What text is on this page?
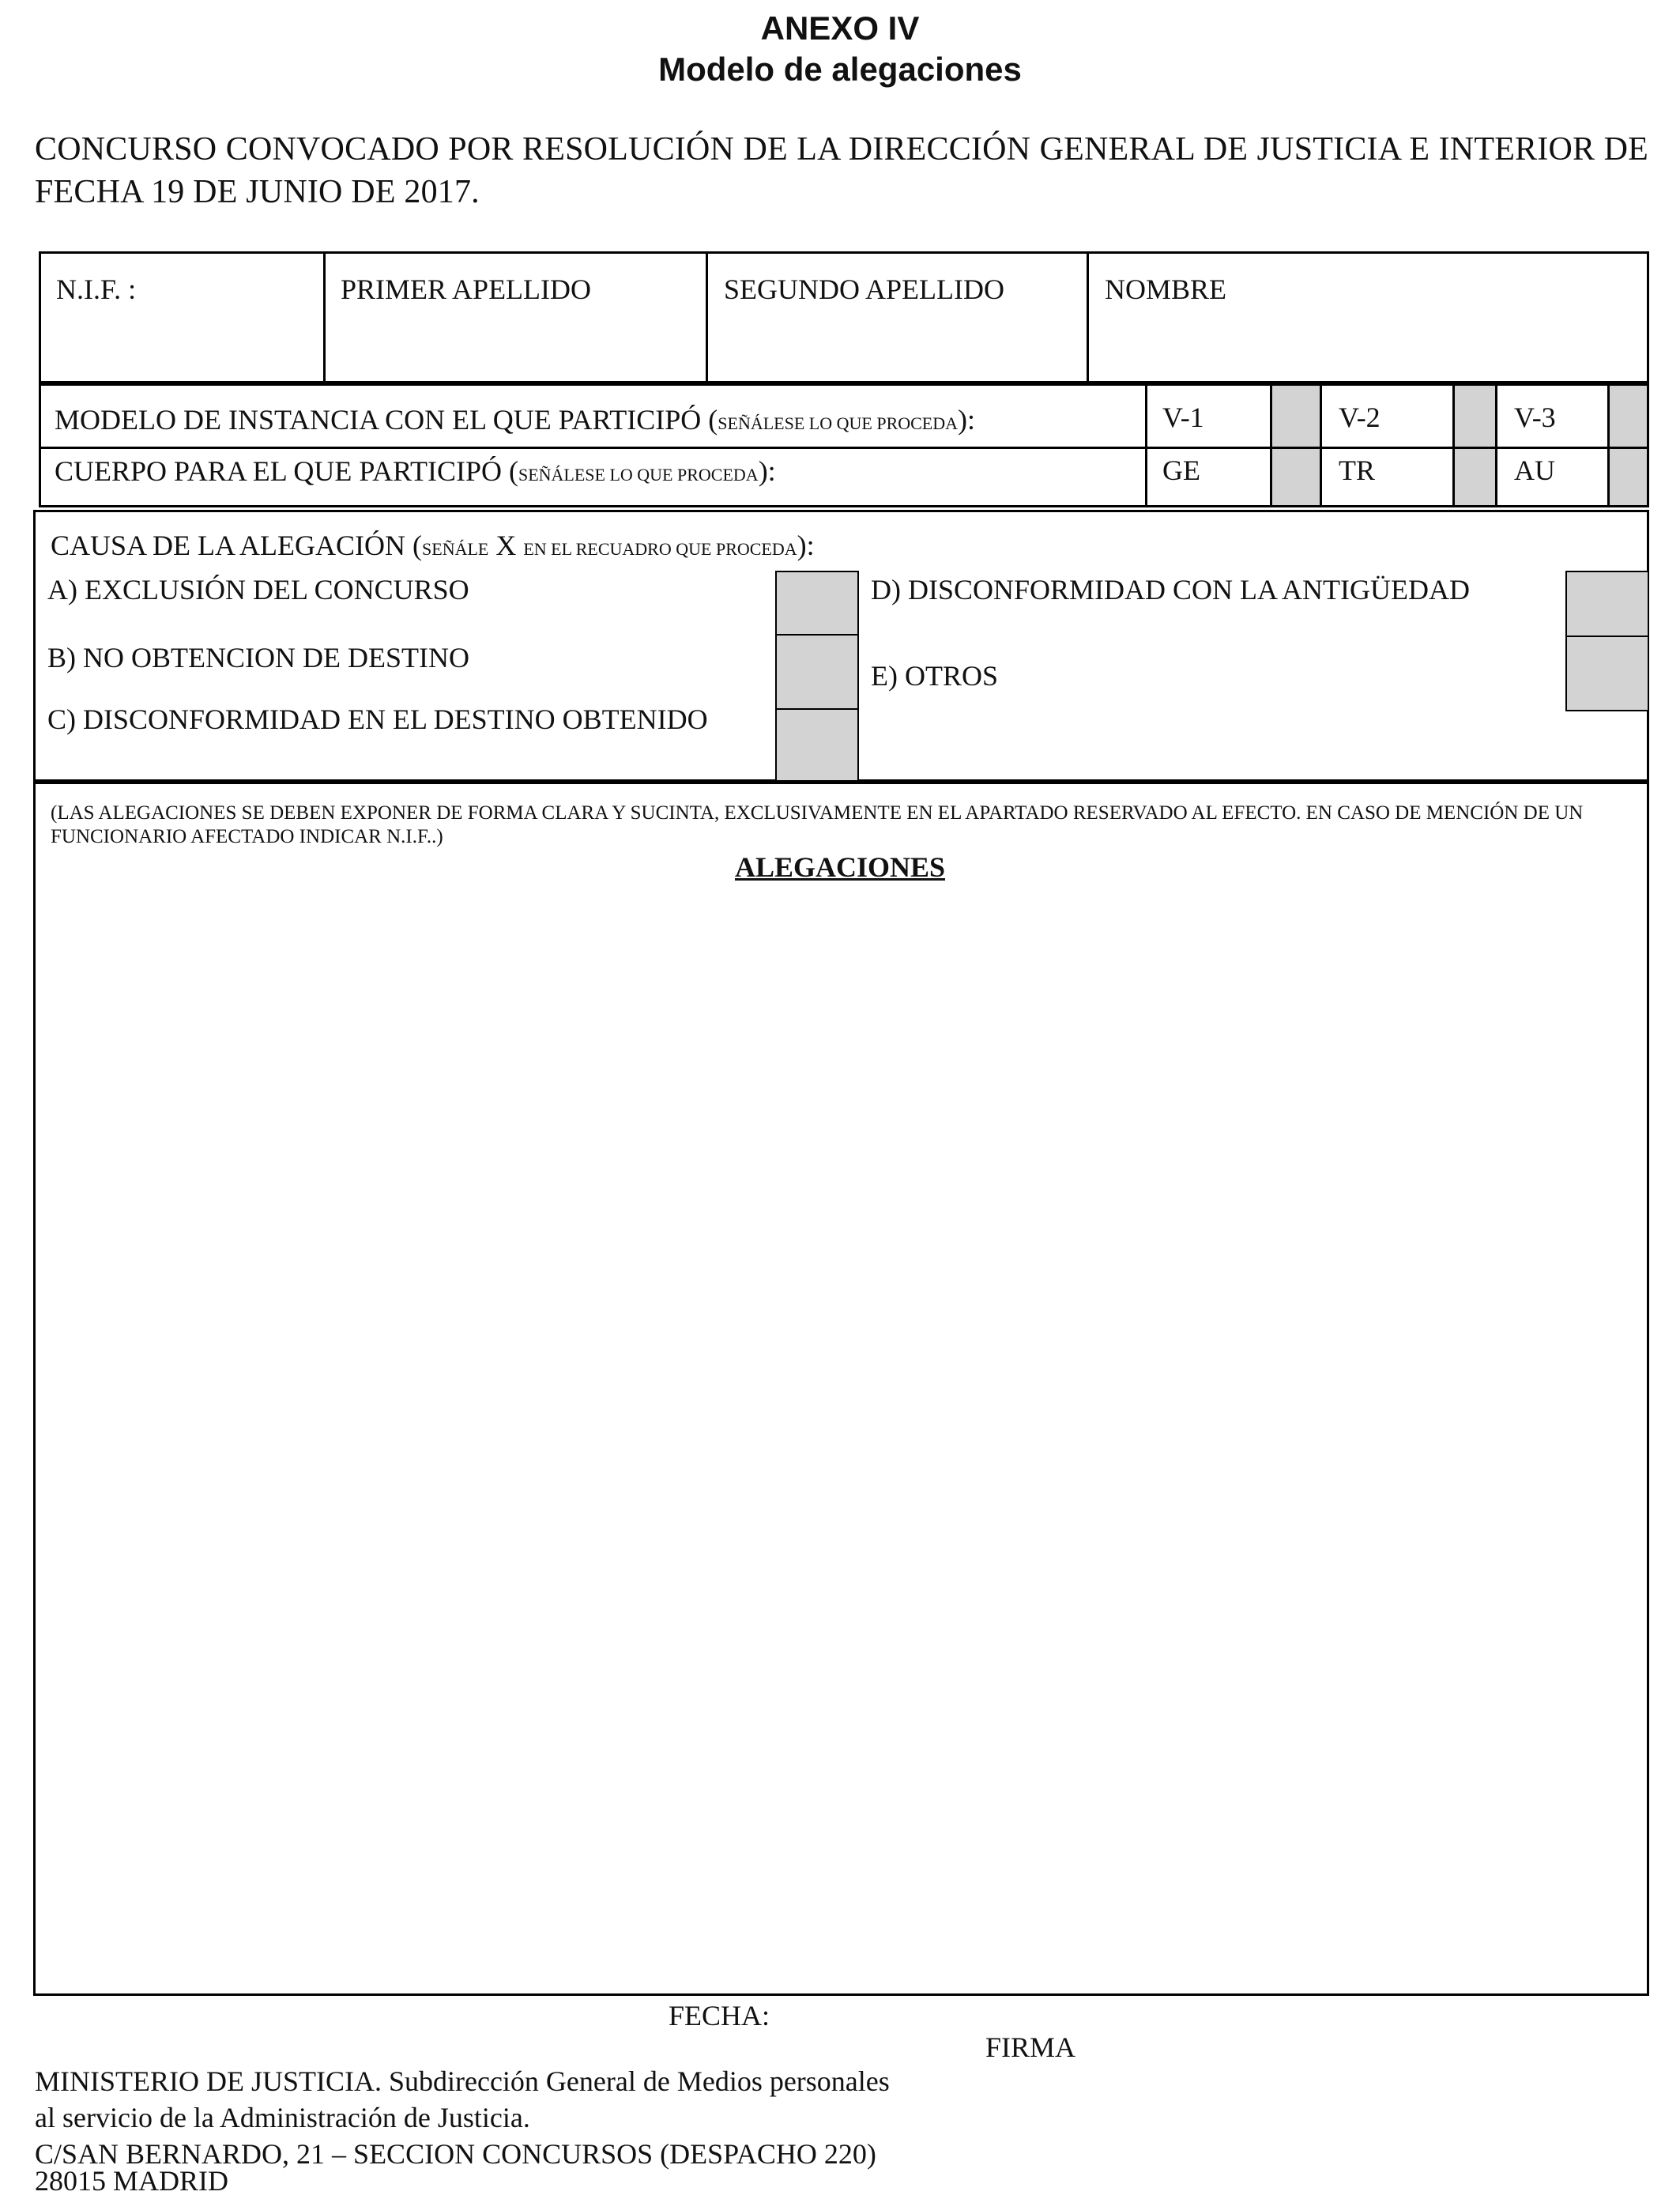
ANEXO IV
Modelo de alegaciones
CONCURSO CONVOCADO POR RESOLUCIÓN DE LA DIRECCIÓN GENERAL DE JUSTICIA E INTERIOR DE FECHA 19 DE JUNIO DE 2017.
N.I.F. :	PRIMER APELLIDO	SEGUNDO APELLIDO	NOMBRE
MODELO DE INSTANCIA CON EL QUE PARTICIPÓ (SEÑÁLESE LO QUE PROCEDA):	V-1	V-2	V-3
CUERPO PARA EL QUE PARTICIPÓ (SEÑÁLESE LO QUE PROCEDA):	GE	TR	AU
CAUSA DE LA ALEGACIÓN (SEÑÁLE X EN EL RECUADRO QUE PROCEDA):
A) EXCLUSIÓN DEL CONCURSO
B) NO OBTENCION DE DESTINO
C) DISCONFORMIDAD EN EL DESTINO OBTENIDO
D) DISCONFORMIDAD CON LA ANTIGÜEDAD
E) OTROS
(LAS ALEGACIONES SE DEBEN EXPONER DE FORMA CLARA Y SUCINTA, EXCLUSIVAMENTE EN EL APARTADO RESERVADO AL EFECTO. EN CASO DE MENCIÓN DE UN FUNCIONARIO AFECTADO INDICAR N.I.F..)
ALEGACIONES
FECHA:
FIRMA
MINISTERIO DE JUSTICIA. Subdirección General de Medios personales
al servicio de la Administración de Justicia.
C/SAN BERNARDO, 21 – SECCION CONCURSOS (DESPACHO 220)
28015 MADRID
